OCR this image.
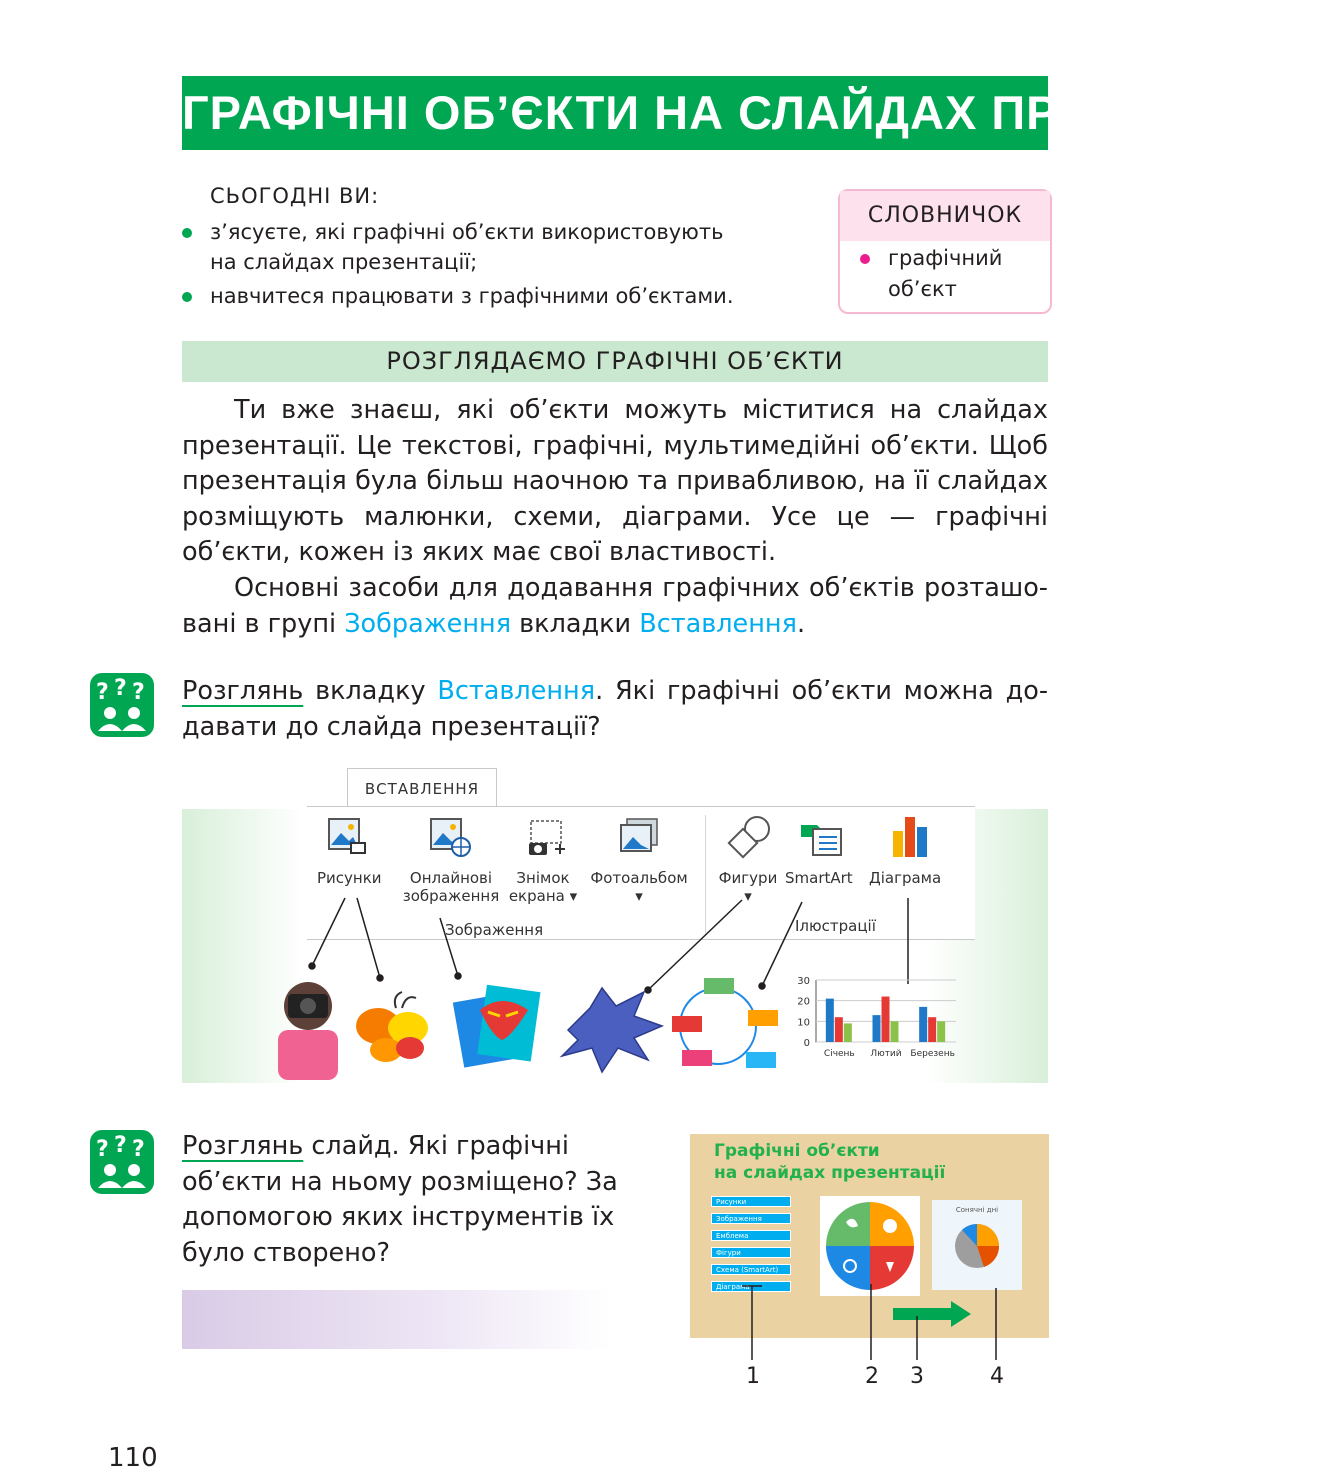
ГРАФІЧНІ ОБ’ЄКТИ НА СЛАЙДАХ ПРЕЗЕНТАЦІЙ
СЬОГОДНІ ВИ:
з’ясуєте, які графічні об’єкти використовують на слайдах презентації;
навчитеся працювати з графічними об’єктами.
СЛОВНИЧОК
графічний об’єкт
РОЗГЛЯДАЄМО ГРАФІЧНІ ОБ’ЄКТИ
Ти вже знаєш, які об’єкти можуть міститися на слайдах презентації. Це текстові, графічні, мультимедійні об’єкти. Щоб презентація була більш наочною та привабливою, на її слайдах розміщують малюнки, схеми, діаграми. Усе це — графічні об’єкти, кожен із яких має свої властивості.
Основні засоби для додавання графічних об’єктів розташовані в групі Зображення вкладки Вставлення.
? ? ? Розглянь вкладку Вставлення. Які графічні об’єкти можна додавати до слайда презентації?
ВСТАВЛЕННЯ
Рисунки	Онлайнові
зображення
Знімок
екрана ▾
Фотоальбом
▾
Фигури
▾
SmartArt Діаграма
Зображення	Ілюстрації
30
20
10
0
Січень Лютий Березень
? ? ? Розглянь слайд. Які графічні об’єкти на ньому розміщено? За допомогою яких інструментів їх було створено?
Графічні об’єкти
на слайдах презентації
Рисунки
Зображення
Емблема
Фігури
Схема (SmartArt)
Діаграма
Сонячні дні
1	2 3	4
110
